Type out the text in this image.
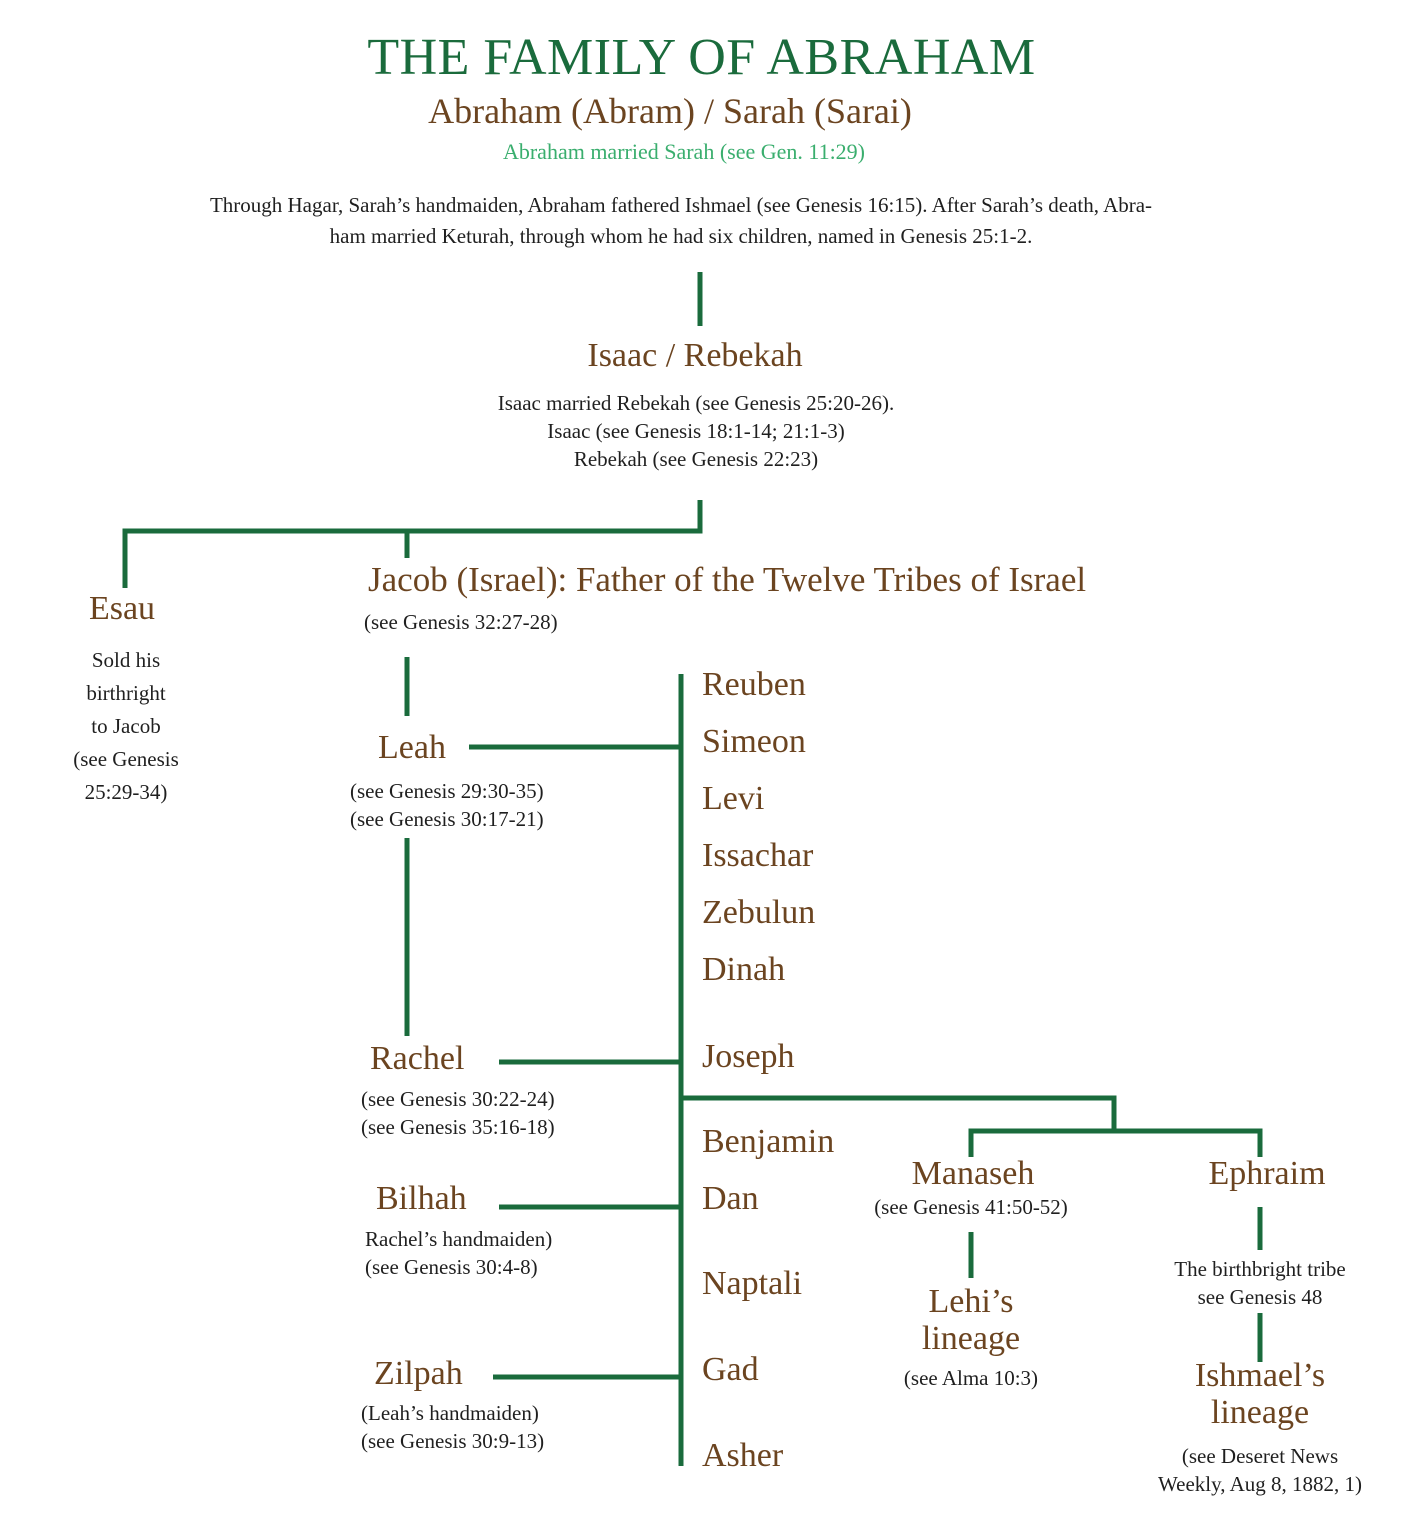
THE FAMILY OF ABRAHAM
Abraham (Abram) / Sarah (Sarai)
Abraham married Sarah (see Gen. 11:29)
Through Hagar, Sarah’s handmaiden, Abraham fathered Ishmael (see Genesis 16:15). After Sarah’s death, Abra-
ham married Keturah, through whom he had six children, named in Genesis 25:1-2.
Isaac / Rebekah
Isaac married Rebekah (see Genesis 25:20-26).
Isaac (see Genesis 18:1-14; 21:1-3)
Rebekah (see Genesis 22:23)
Esau
Sold his
birthright
to Jacob
(see Genesis
25:29-34)
Jacob (Israel): Father of the Twelve Tribes of Israel
(see Genesis 32:27-28)
Leah
(see Genesis 29:30-35)
(see Genesis 30:17-21)
Rachel
(see Genesis 30:22-24)
(see Genesis 35:16-18)
Bilhah
Rachel’s handmaiden)
(see Genesis 30:4-8)
Zilpah
(Leah’s handmaiden)
(see Genesis 30:9-13)
Reuben
Simeon
Levi
Issachar
Zebulun
Dinah
Joseph
Benjamin
Dan
Naptali
Gad
Asher
Manaseh
(see Genesis 41:50-52)
Lehi’s
lineage
(see Alma 10:3)
Ephraim
The birthbright tribe
see Genesis 48
Ishmael’s
lineage
(see Deseret News
Weekly, Aug 8, 1882, 1)
